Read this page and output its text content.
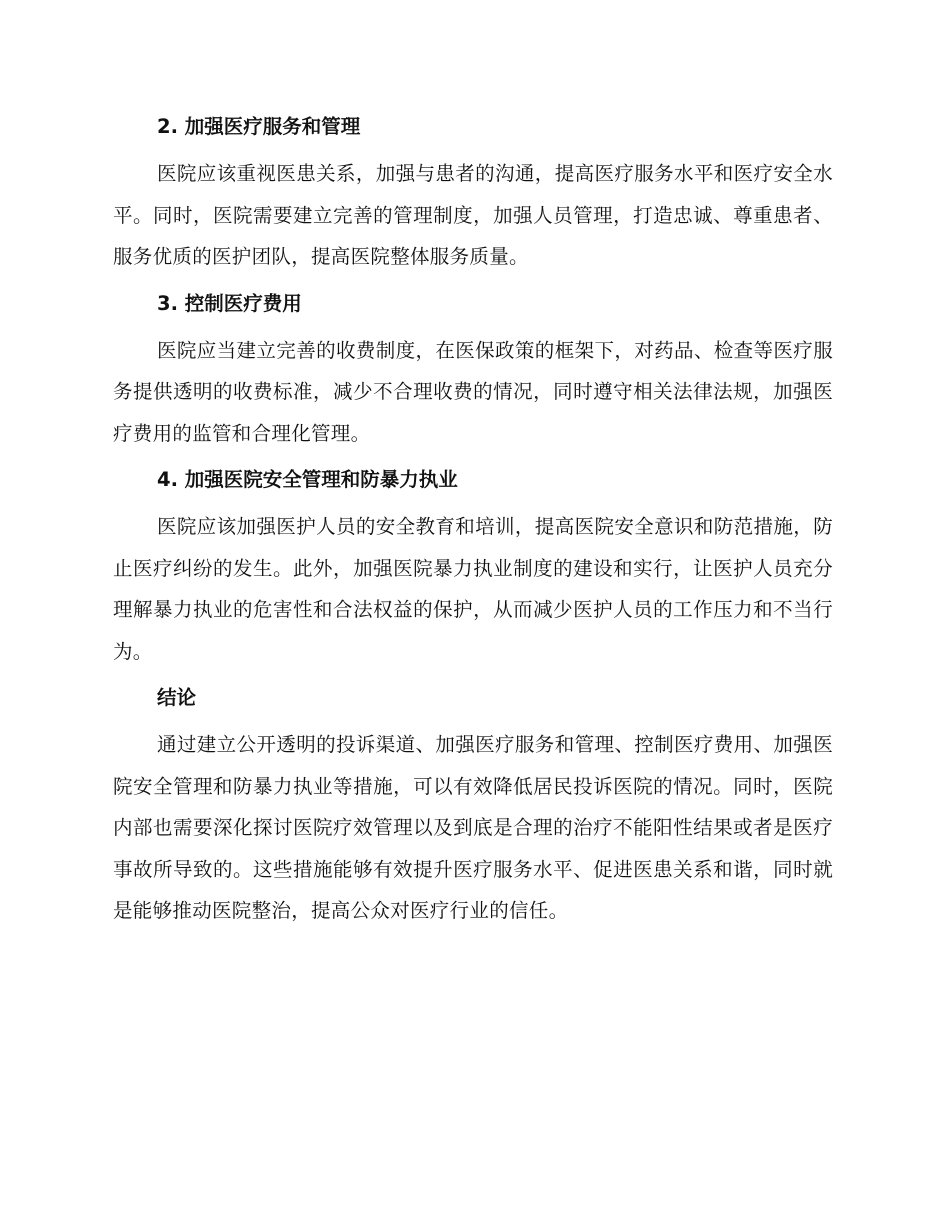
2. 加强医疗服务和管理

医院应该重视医患关系，加强与患者的沟通，提高医疗服务水平和医疗安全水平。同时，医院需要建立完善的管理制度，加强人员管理，打造忠诚、尊重患者、服务优质的医护团队，提高医院整体服务质量。

3. 控制医疗费用

医院应当建立完善的收费制度，在医保政策的框架下，对药品、检查等医疗服务提供透明的收费标准，减少不合理收费的情况，同时遵守相关法律法规，加强医疗费用的监管和合理化管理。

4. 加强医院安全管理和防暴力执业

医院应该加强医护人员的安全教育和培训，提高医院安全意识和防范措施，防止医疗纠纷的发生。此外，加强医院暴力执业制度的建设和实行，让医护人员充分理解暴力执业的危害性和合法权益的保护，从而减少医护人员的工作压力和不当行为。

结论

通过建立公开透明的投诉渠道、加强医疗服务和管理、控制医疗费用、加强医院安全管理和防暴力执业等措施，可以有效降低居民投诉医院的情况。同时，医院内部也需要深化探讨医院疗效管理以及到底是合理的治疗不能阳性结果或者是医疗事故所导致的。这些措施能够有效提升医疗服务水平、促进医患关系和谐，同时就是能够推动医院整治，提高公众对医疗行业的信任。
